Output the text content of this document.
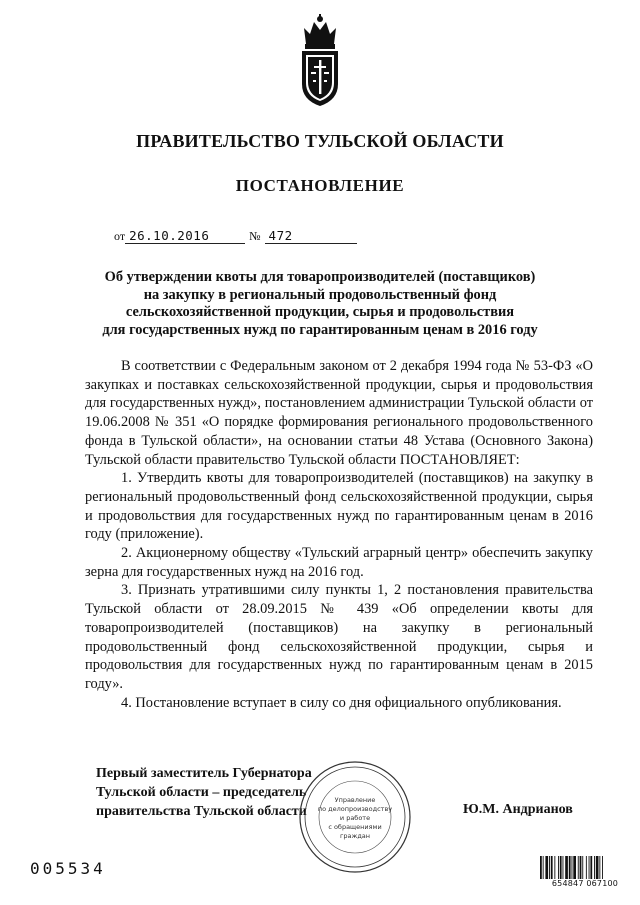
ПРАВИТЕЛЬСТВО ТУЛЬСКОЙ ОБЛАСТИ
ПОСТАНОВЛЕНИЕ
от 26.10.2016	№ 472
Об утверждении квоты для товаропроизводителей (поставщиков)
на закупку в региональный продовольственный фонд
сельскохозяйственной продукции, сырья и продовольствия
для государственных нужд по гарантированным ценам в 2016 году

В соответствии с Федеральным законом от 2 декабря 1994 года № 53-ФЗ «О закупках и поставках сельскохозяйственной продукции, сырья и продовольствия для государственных нужд», постановлением администрации Тульской области от 19.06.2008 № 351 «О порядке формирования регионального продовольственного фонда в Тульской области», на основании статьи 48 Устава (Основного Закона) Тульской области правительство Тульской области ПОСТАНОВЛЯЕТ:

1. Утвердить квоты для товаропроизводителей (поставщиков) на закупку в региональный продовольственный фонд сельскохозяйственной продукции, сырья и продовольствия для государственных нужд по гарантированным ценам в 2016 году (приложение).

2. Акционерному обществу «Тульский аграрный центр» обеспечить закупку зерна для государственных нужд на 2016 год.

3. Признать утратившими силу пункты 1, 2 постановления правительства Тульской области от 28.09.2015 № 439 «Об определении квоты для товаропроизводителей (поставщиков) на закупку в региональный продовольственный фонд сельскохозяйственной продукции, сырья и продовольствия для государственных нужд по гарантированным ценам в 2015 году».

4. Постановление вступает в силу со дня официального опубликования.

Первый заместитель Губернатора
Тульской области – председатель
правительства Тульской области
Управление
по делопроизводству
и работе
с обращениями
граждан
Ю.М. Андрианов
005534
654847 067100
